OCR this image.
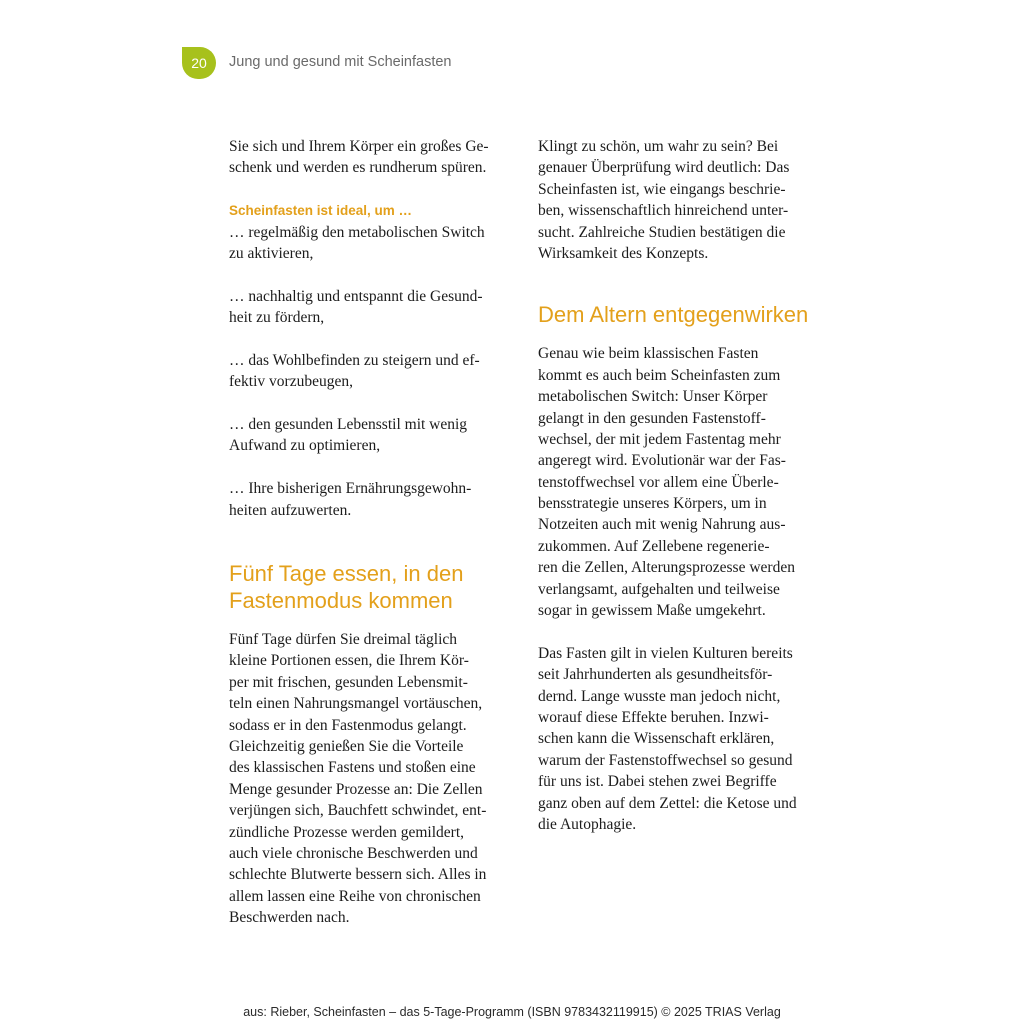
20	Jung und gesund mit Scheinfasten
Sie sich und Ihrem Körper ein großes Ge-
schenk und werden es rundherum spüren.
Scheinfasten ist ideal, um …
… regelmäßig den metabolischen Switch
zu aktivieren,
… nachhaltig und entspannt die Gesund-
heit zu fördern,
… das Wohlbefinden zu steigern und ef-
fektiv vorzubeugen,
… den gesunden Lebensstil mit wenig
Aufwand zu optimieren,
… Ihre bisherigen Ernährungsgewohn-
heiten aufzuwerten.
Fünf Tage essen, in den
Fastenmodus kommen
Fünf Tage dürfen Sie dreimal täglich
kleine Portionen essen, die Ihrem Kör-
per mit frischen, gesunden Lebensmit-
teln einen Nahrungsmangel vortäuschen,
sodass er in den Fastenmodus gelangt.
Gleichzeitig genießen Sie die Vorteile
des klassischen Fastens und stoßen eine
Menge gesunder Prozesse an: Die Zellen
verjüngen sich, Bauchfett schwindet, ent-
zündliche Prozesse werden gemildert,
auch viele chronische Beschwerden und
schlechte Blutwerte bessern sich. Alles in
allem lassen eine Reihe von chronischen
Beschwerden nach.
Klingt zu schön, um wahr zu sein? Bei
genauer Überprüfung wird deutlich: Das
Scheinfasten ist, wie eingangs beschrie-
ben, wissenschaftlich hinreichend unter-
sucht. Zahlreiche Studien bestätigen die
Wirksamkeit des Konzepts.
Dem Altern entgegenwirken
Genau wie beim klassischen Fasten
kommt es auch beim Scheinfasten zum
metabolischen Switch: Unser Körper
gelangt in den gesunden Fastenstoff-
wechsel, der mit jedem Fastentag mehr
angeregt wird. Evolutionär war der Fas-
tenstoffwechsel vor allem eine Überle-
bensstrategie unseres Körpers, um in
Notzeiten auch mit wenig Nahrung aus-
zukommen. Auf Zellebene regenerie-
ren die Zellen, Alterungsprozesse werden
verlangsamt, aufgehalten und teilweise
sogar in gewissem Maße umgekehrt.
Das Fasten gilt in vielen Kulturen bereits
seit Jahrhunderten als gesundheitsför-
dernd. Lange wusste man jedoch nicht,
worauf diese Effekte beruhen. Inzwi-
schen kann die Wissenschaft erklären,
warum der Fastenstoffwechsel so gesund
für uns ist. Dabei stehen zwei Begriffe
ganz oben auf dem Zettel: die Ketose und
die Autophagie.
aus: Rieber, Scheinfasten – das 5-Tage-Programm (ISBN 9783432119915) © 2025 TRIAS Verlag
